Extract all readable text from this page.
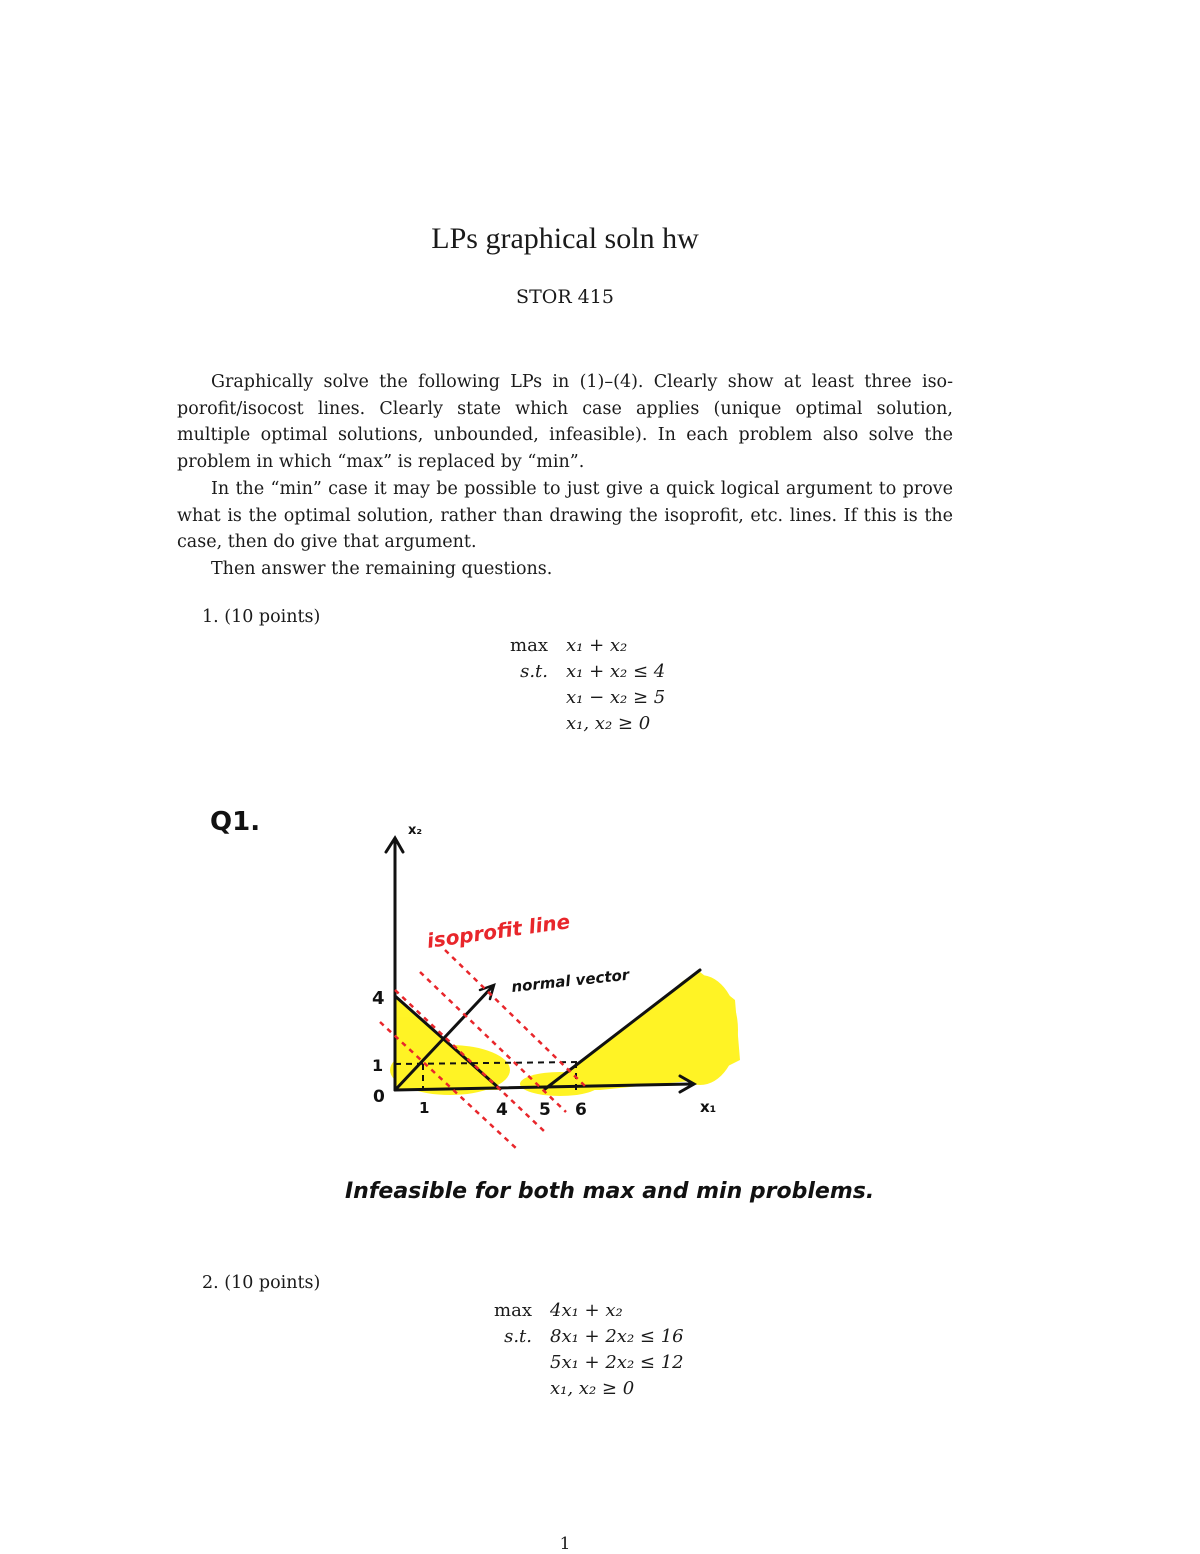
LPs graphical soln hw
STOR 415

Graphically solve the following LPs in (1)–(4). Clearly show at least three iso-porofit/isocost lines. Clearly state which case applies (unique optimal solution, multiple optimal solutions, unbounded, infeasible). In each problem also solve the problem in which “max” is replaced by “min”.

In the “min” case it may be possible to just give a quick logical argument to prove what is the optimal solution, rather than drawing the isoprofit, etc. lines. If this is the case, then do give that argument.

Then answer the remaining questions.

1. (10 points)
max x₁ + x₂
s.t. x₁ + x₂ ≤ 4
x₁ − x₂ ≥ 5
x₁, x₂ ≥ 0
Q1.	x₂
x₁
4
1
0
1	4 5 6
isoprofit line
normal vector
Infeasible for both max and min problems.
2. (10 points)
max 4x₁ + x₂
s.t. 8x₁ + 2x₂ ≤ 16
5x₁ + 2x₂ ≤ 12
x₁, x₂ ≥ 0
1
